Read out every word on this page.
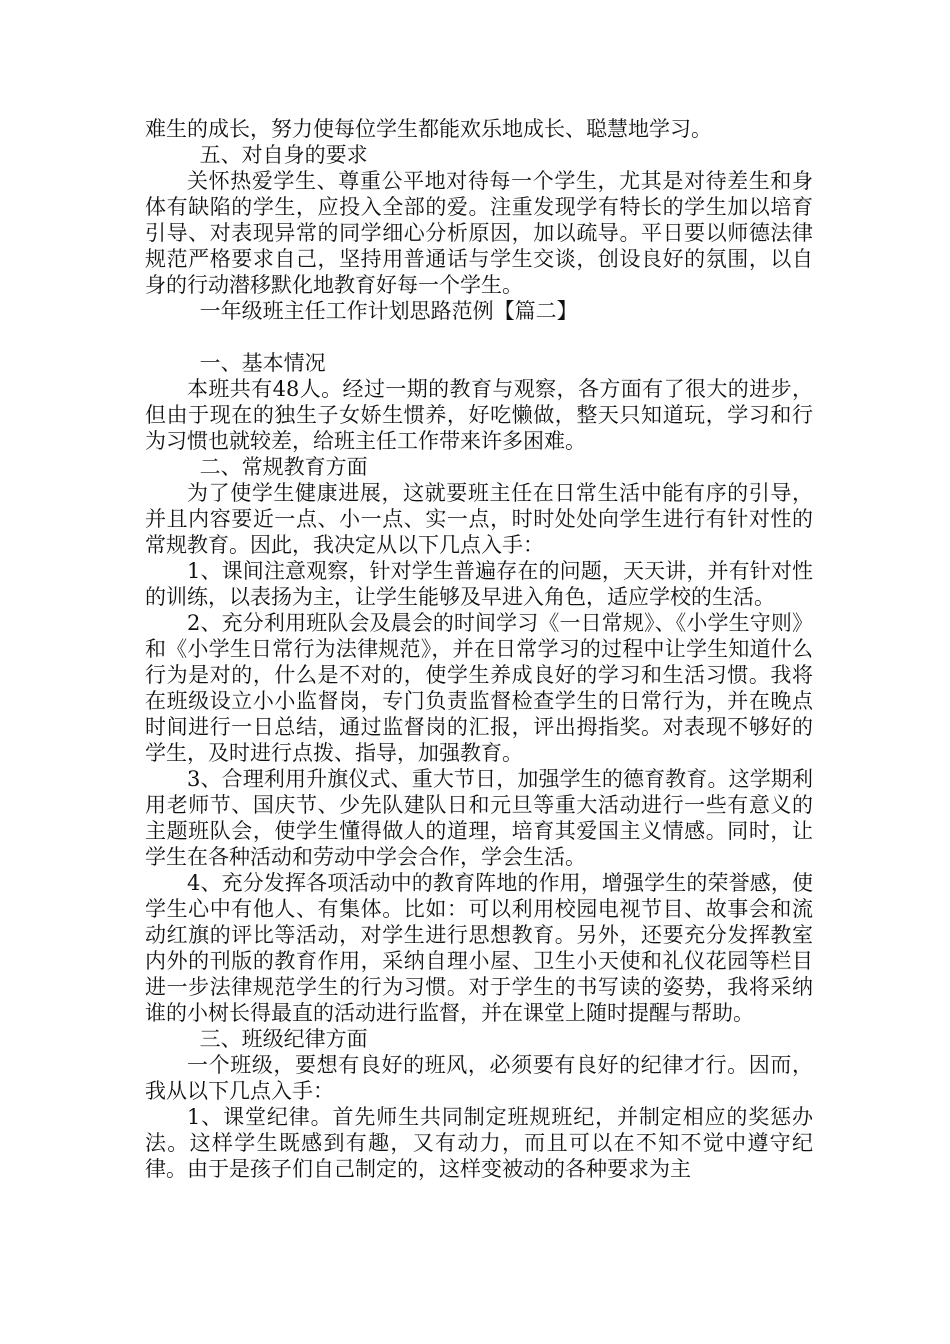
难生的成长，努力使每位学生都能欢乐地成长、聪慧地学习。

五、对自身的要求

关怀热爱学生、尊重公平地对待每一个学生，尤其是对待差生和身体有缺陷的学生，应投入全部的爱。注重发现学有特长的学生加以培育引导、对表现异常的同学细心分析原因，加以疏导。平日要以师德法律规范严格要求自己，坚持用普通话与学生交谈，创设良好的氛围，以自身的行动潜移默化地教育好每一个学生。

一年级班主任工作计划思路范例【篇二】

一、基本情况

本班共有48人。经过一期的教育与观察，各方面有了很大的进步，但由于现在的独生子女娇生惯养，好吃懒做，整天只知道玩，学习和行为习惯也就较差，给班主任工作带来许多困难。

二、常规教育方面

为了使学生健康进展，这就要班主任在日常生活中能有序的引导，并且内容要近一点、小一点、实一点，时时处处向学生进行有针对性的常规教育。因此，我决定从以下几点入手：

1、课间注意观察，针对学生普遍存在的问题，天天讲，并有针对性的训练，以表扬为主，让学生能够及早进入角色，适应学校的生活。

2、充分利用班队会及晨会的时间学习《一日常规》、《小学生守则》和《小学生日常行为法律规范》，并在日常学习的过程中让学生知道什么行为是对的，什么是不对的，使学生养成良好的学习和生活习惯。我将在班级设立小小监督岗，专门负责监督检查学生的日常行为，并在晚点时间进行一日总结，通过监督岗的汇报，评出拇指奖。对表现不够好的学生，及时进行点拨、指导，加强教育。

3、合理利用升旗仪式、重大节日，加强学生的德育教育。这学期利用老师节、国庆节、少先队建队日和元旦等重大活动进行一些有意义的主题班队会，使学生懂得做人的道理，培育其爱国主义情感。同时，让学生在各种活动和劳动中学会合作，学会生活。

4、充分发挥各项活动中的教育阵地的作用，增强学生的荣誉感，使学生心中有他人、有集体。比如：可以利用校园电视节目、故事会和流动红旗的评比等活动，对学生进行思想教育。另外，还要充分发挥教室内外的刊版的教育作用，采纳自理小屋、卫生小天使和礼仪花园等栏目进一步法律规范学生的行为习惯。对于学生的书写读的姿势，我将采纳谁的小树长得最直的活动进行监督，并在课堂上随时提醒与帮助。

三、班级纪律方面

一个班级，要想有良好的班风，必须要有良好的纪律才行。因而，我从以下几点入手：

1、课堂纪律。首先师生共同制定班规班纪，并制定相应的奖惩办法。这样学生既感到有趣，又有动力，而且可以在不知不觉中遵守纪律。由于是孩子们自己制定的，这样变被动的各种要求为主
